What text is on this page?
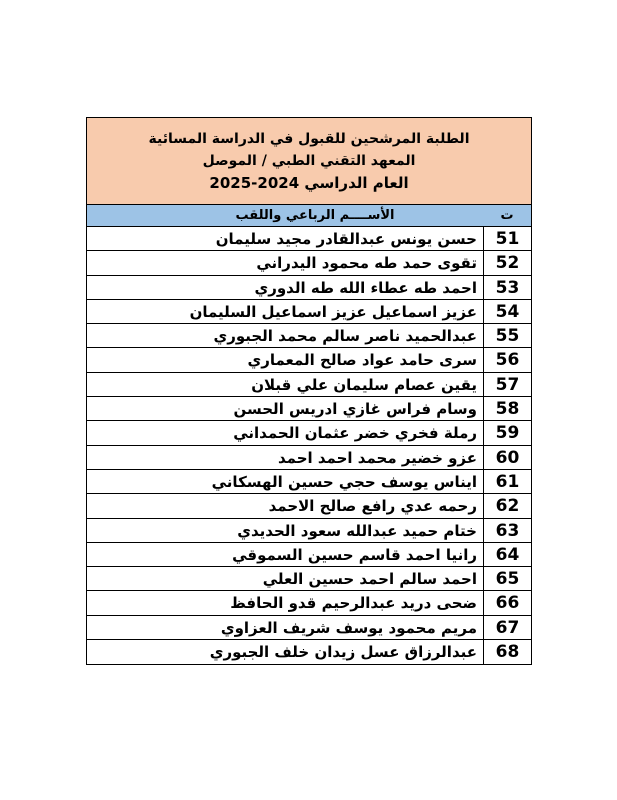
الطلبة المرشحين للقبول في الدراسة المسائية
المعهد التقني الطبي / الموصل
العام الدراسي 2024-2025
ت
الأســــم الرباعي واللقب
51
حسن يونس عبدالقادر مجيد سليمان
52
تقوى حمد طه محمود اليدراني
53
احمد طه عطاء الله طه الدوري
54
عزيز اسماعيل عزيز اسماعيل السليمان
55
عبدالحميد ناصر سالم محمد الجبوري
56
سرى حامد عواد صالح المعماري
57
يقين عصام سليمان علي قبلان
58
وسام فراس غازي ادريس الحسن
59
رملة فخري خضر عثمان الحمداني
60
عزو خضير محمد احمد احمد
61
ايناس يوسف حجي حسين الهسكاني
62
رحمه عدي رافع صالح الاحمد
63
ختام حميد عبدالله سعود الحديدي
64
رانيا احمد قاسم حسين السموقي
65
احمد سالم احمد حسين العلي
66
ضحى دريد عبدالرحيم قدو الحافظ
67
مريم محمود يوسف شريف العزاوي
68
عبدالرزاق عسل زيدان خلف الجبوري
